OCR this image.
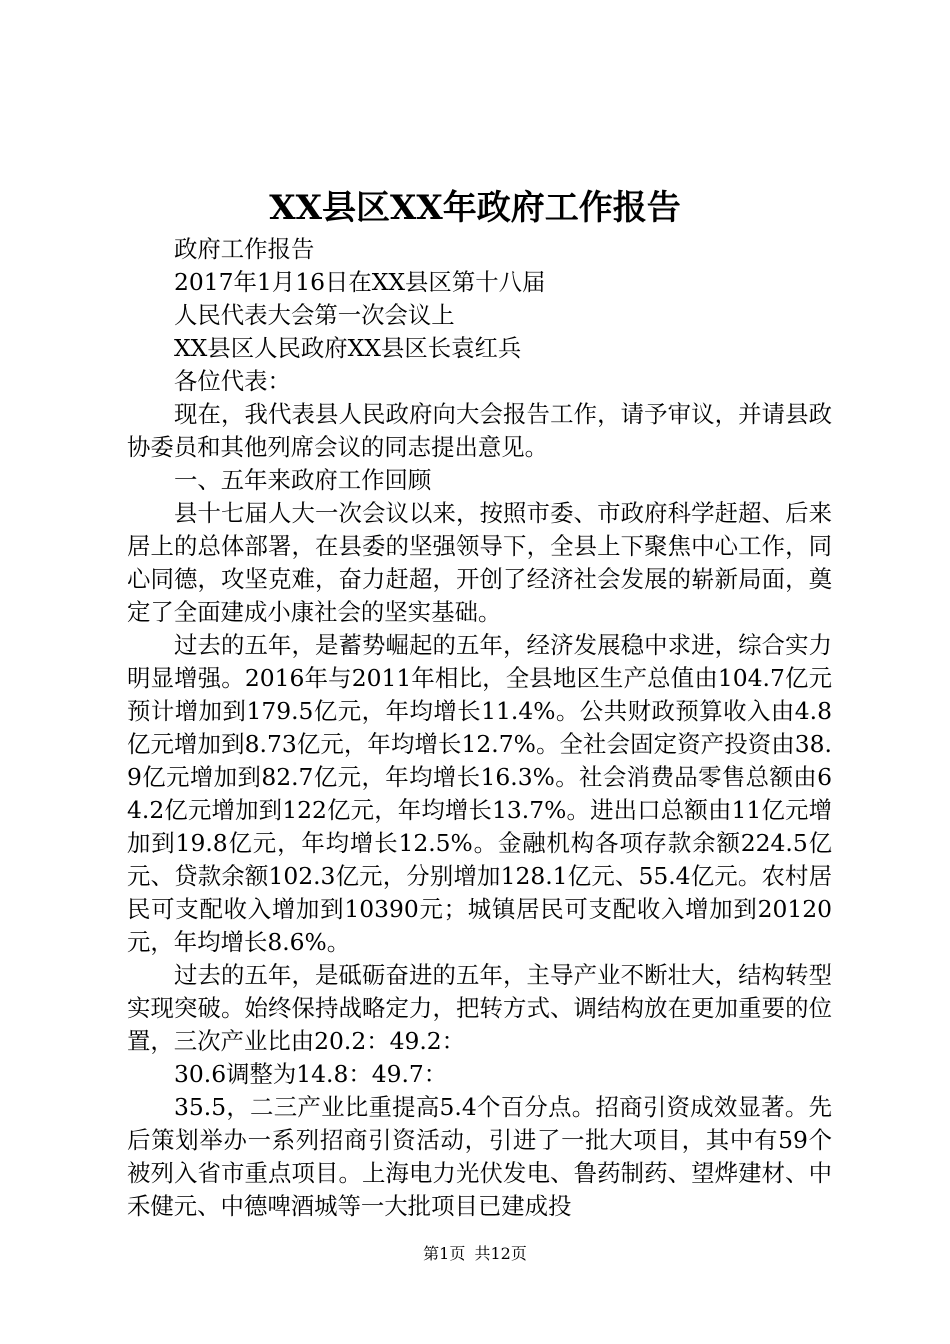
XX县区XX年政府工作报告

政府工作报告

2017年1月16日在XX县区第十八届

人民代表大会第一次会议上

XX县区人民政府XX县区长袁红兵

各位代表：

现在，我代表县人民政府向大会报告工作，请予审议，并请县政协委员和其他列席会议的同志提出意见。

一、五年来政府工作回顾

县十七届人大一次会议以来，按照市委、市政府科学赶超、后来居上的总体部署，在县委的坚强领导下，全县上下聚焦中心工作，同心同德，攻坚克难，奋力赶超，开创了经济社会发展的崭新局面，奠定了全面建成小康社会的坚实基础。

过去的五年，是蓄势崛起的五年，经济发展稳中求进，综合实力明显增强。2016年与2011年相比，全县地区生产总值由104.7亿元预计增加到179.5亿元，年均增长11.4%。公共财政预算收入由4.8亿元增加到8.73亿元，年均增长12.7%。全社会固定资产投资由38.9亿元增加到82.7亿元，年均增长16.3%。社会消费品零售总额由64.2亿元增加到122亿元，年均增长13.7%。进出口总额由11亿元增加到19.8亿元，年均增长12.5%。金融机构各项存款余额224.5亿元、贷款余额102.3亿元，分别增加128.1亿元、55.4亿元。农村居民可支配收入增加到10390元；城镇居民可支配收入增加到20120元，年均增长8.6%。

过去的五年，是砥砺奋进的五年，主导产业不断壮大，结构转型实现突破。始终保持战略定力，把转方式、调结构放在更加重要的位置，三次产业比由20.2：49.2：

30.6调整为14.8：49.7：

35.5，二三产业比重提高5.4个百分点。招商引资成效显著。先后策划举办一系列招商引资活动，引进了一批大项目，其中有59个被列入省市重点项目。上海电力光伏发电、鲁药制药、望烨建材、中禾健元、中德啤酒城等一大批项目已建成投

第1页 共12页
